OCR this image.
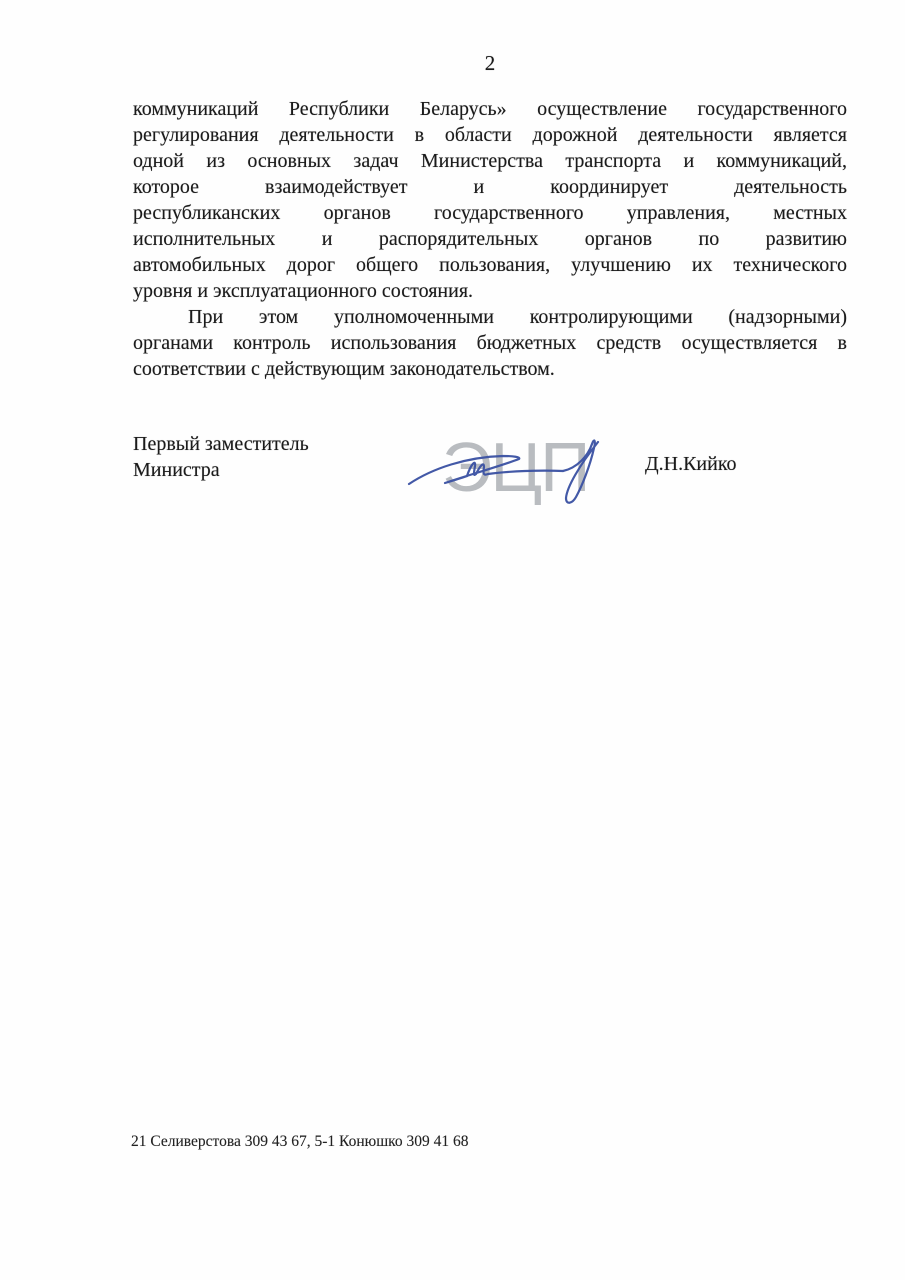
2
коммуникаций Республики Беларусь» осуществление государственного
регулирования деятельности в области дорожной деятельности является
одной из основных задач Министерства транспорта и коммуникаций,
которое взаимодействует и координирует деятельность
республиканских органов государственного управления, местных
исполнительных и распорядительных органов по развитию
автомобильных дорог общего пользования, улучшению их технического
уровня и эксплуатационного состояния.
При этом уполномоченными контролирующими (надзорными)
органами контроль использования бюджетных средств осуществляется в
соответствии с действующим законодательством.
Первый заместитель
Министра	ЭЦП	Д.Н.Кийко
21 Селиверстова 309 43 67, 5-1 Конюшко 309 41 68
